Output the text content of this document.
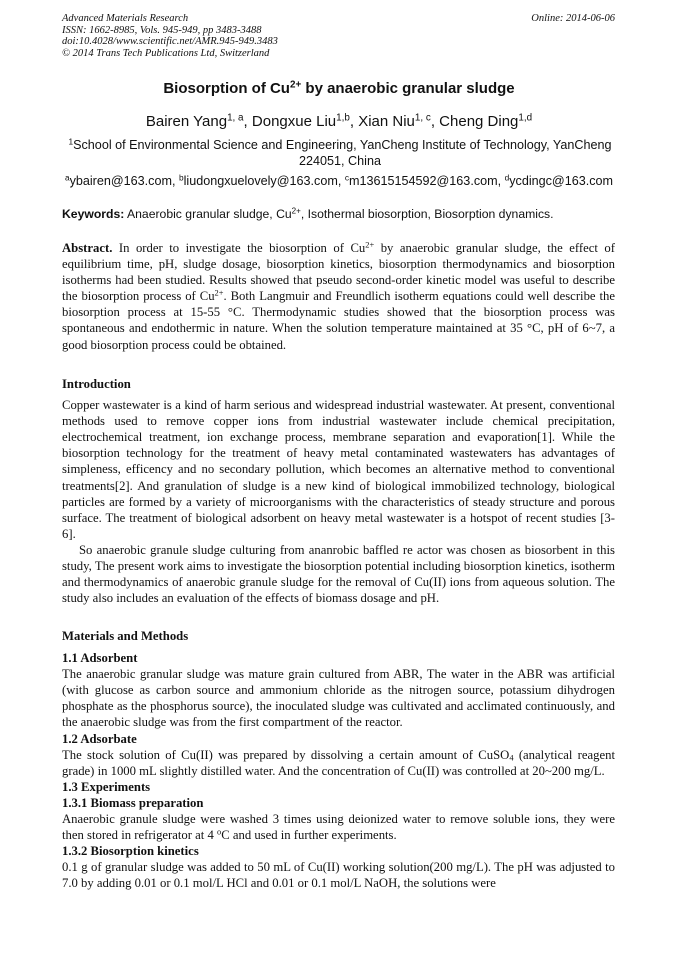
Advanced Materials Research
ISSN: 1662-8985, Vols. 945-949, pp 3483-3488
doi:10.4028/www.scientific.net/AMR.945-949.3483
© 2014 Trans Tech Publications Ltd, Switzerland
Online: 2014-06-06
Biosorption of $Cu^{2+}$ by anaerobic granular sludge
Bairen Yang$^{1, a}$, Dongxue Liu$^{1,b}$, Xian Niu$^{1, c}$, Cheng Ding$^{1,d}$
$^1$School of Environmental Science and Engineering, YanCheng Institute of Technology, YanCheng 224051, China
$^a$ybairen@163.com, $^b$liudongxuelovely@163.com, $^c$m13615154592@163.com, $^d$ycdingc@163.com
Keywords: Anaerobic granular sludge, $Cu^{2+}$, Isothermal biosorption, Biosorption dynamics.

Abstract. In order to investigate the biosorption of $Cu^{2+}$ by anaerobic granular sludge, the effect of equilibrium time, pH, sludge dosage, biosorption kinetics, biosorption thermodynamics and biosorption isotherms had been studied. Results showed that pseudo second-order kinetic model was useful to describe the biosorption process of $Cu^{2+}$. Both Langmuir and Freundlich isotherm equations could well describe the biosorption process at 15-55 °C. Thermodynamic studies showed that the biosorption process was spontaneous and endothermic in nature. When the solution temperature maintained at 35 °C, pH of 6~7, a good biosorption process could be obtained.

Introduction

Copper wastewater is a kind of harm serious and widespread industrial wastewater. At present, conventional methods used to remove copper ions from industrial wastewater include chemical precipitation, electrochemical treatment, ion exchange process, membrane separation and evaporation[1]. While the biosorption technology for the treatment of heavy metal contaminated wastewaters has advantages of simpleness, efficency and no secondary pollution, which becomes an alternative method to conventional treatments[2]. And granulation of sludge is a new kind of biological immobilized technology, biological particles are formed by a variety of microorganisms with the characteristics of steady structure and porous surface. The treatment of biological adsorbent on heavy metal wastewater is a hotspot of recent studies [3-6].

So anaerobic granule sludge culturing from ananrobic baffled re actor was chosen as biosorbent in this study, The present work aims to investigate the biosorption potential including biosorption kinetics, isotherm and thermodynamics of anaerobic granule sludge for the removal of Cu(II) ions from aqueous solution. The study also includes an evaluation of the effects of biomass dosage and pH.

Materials and Methods

1.1 Adsorbent

The anaerobic granular sludge was mature grain cultured from ABR, The water in the ABR was artificial (with glucose as carbon source and ammonium chloride as the nitrogen source, potassium dihydrogen phosphate as the phosphorus source), the inoculated sludge was cultivated and acclimated continuously, and the anaerobic sludge was from the first compartment of the reactor.

1.2 Adsorbate

The stock solution of Cu(II) was prepared by dissolving a certain amount of CuSO$_4$ (analytical reagent grade) in 1000 mL slightly distilled water. And the concentration of Cu(II) was controlled at 20~200 mg/L.

1.3 Experiments

1.3.1 Biomass preparation

Anaerobic granule sludge were washed 3 times using deionized water to remove soluble ions, they were then stored in refrigerator at 4 $^o$C and used in further experiments.

1.3.2 Biosorption kinetics

0.1 g of granular sludge was added to 50 mL of Cu(II) working solution(200 mg/L). The pH was adjusted to 7.0 by adding 0.01 or 0.1 mol/L HCl and 0.01 or 0.1 mol/L NaOH, the solutions were
